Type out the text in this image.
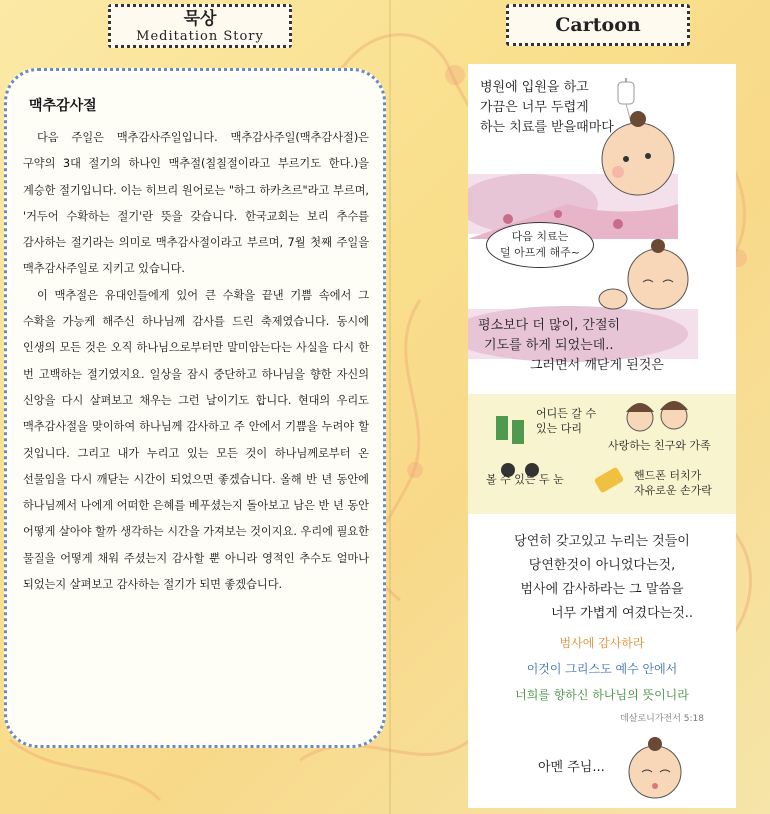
묵상
Meditation Story
Cartoon
맥추감사절

다음 주일은 맥추감사주일입니다. 맥추감사주일(맥추감사절)은 구약의 3대 절기의 하나인 맥추절(칠칠절이라고 부르기도 한다.)을 계승한 절기입니다. 이는 히브리 원어로는 "하그 하카츠르"라고 부르며, '거두어 수확하는 절기'란 뜻을 갖습니다. 한국교회는 보리 추수를 감사하는 절기라는 의미로 맥추감사절이라고 부르며, 7월 첫째 주일을 맥추감사주일로 지키고 있습니다.

이 맥추절은 유대인들에게 있어 큰 수확을 끝낸 기쁨 속에서 그 수확을 가능케 해주신 하나님께 감사를 드린 축제였습니다. 동시에 인생의 모든 것은 오직 하나님으로부터만 말미암는다는 사실을 다시 한 번 고백하는 절기였지요. 일상을 잠시 중단하고 하나님을 향한 자신의 신앙을 다시 살펴보고 채우는 그런 날이기도 합니다. 현대의 우리도 맥추감사절을 맞이하여 하나님께 감사하고 주 안에서 기쁨을 누려야 할 것입니다. 그리고 내가 누리고 있는 모든 것이 하나님께로부터 온 선물임을 다시 깨닫는 시간이 되었으면 좋겠습니다. 올해 반 년 동안에 하나님께서 나에게 어떠한 은혜를 베푸셨는지 돌아보고 남은 반 년 동안 어떻게 살아야 할까 생각하는 시간을 가져보는 것이지요. 우리에 필요한 물질을 어떻게 채워 주셨는지 감사할 뿐 아니라 영적인 추수도 얼마나 되었는지 살펴보고 감사하는 절기가 되면 좋겠습니다.

병원에 입원을 하고
가끔은 너무 두렵게
하는 치료를 받을때마다
다음 치료는
덜 아프게 해주~
평소보다 더 많이, 간절히
기도를 하게 되었는데..
그러면서 깨닫게 된것은
어디든 갈 수
있는 다리
사랑하는 친구와 가족
볼 수 있는 두 눈	핸드폰 터치가
자유로운 손가락
당연히 갖고있고 누리는 것들이
당연한것이 아니었다는것,
범사에 감사하라는 그 말씀을
너무 가볍게 여겼다는것..
범사에 감사하라
이것이 그리스도 예수 안에서
너희를 향하신 하나님의 뜻이니라
데살로니가전서 5:18
아멘 주님...
